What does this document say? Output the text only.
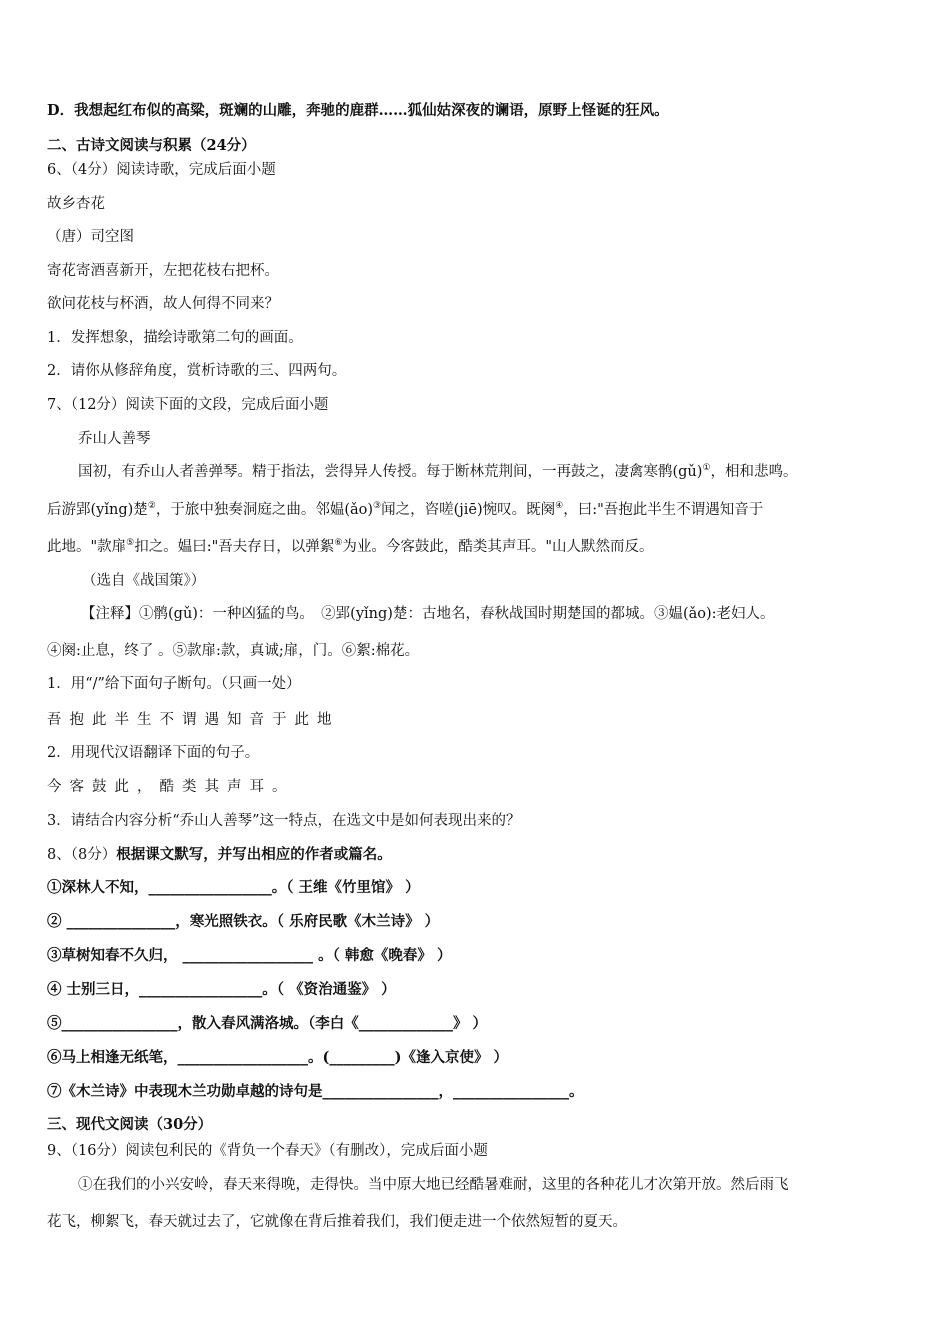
D．我想起红布似的高粱，斑斓的山雕，奔驰的鹿群……狐仙姑深夜的谰语，原野上怪诞的狂风。
二、古诗文阅读与积累（24分）
6、（4分）阅读诗歌，完成后面小题
故乡杏花
（唐）司空图
寄花寄酒喜新开，左把花枝右把杯。
欲问花枝与杯酒，故人何得不同来？
1．发挥想象，描绘诗歌第二句的画面。
2．请你从修辞角度，赏析诗歌的三、四两句。
7、（12分）阅读下面的文段，完成后面小题
乔山人善琴
国初，有乔山人者善弹琴。精于指法，尝得异人传授。每于断林荒荆间，一再鼓之，凄禽寒鹘(gǔ)①，相和悲鸣。
后游郢(yǐng)楚②，于旅中独奏洞庭之曲。邻媪(ǎo)③闻之，咨嗟(jiē)惋叹。既阕④，曰:"吾抱此半生不谓遇知音于
此地。"款扉⑤扣之。媪曰:"吾夫存日，以弹絮⑥为业。今客鼓此，酷类其声耳。"山人默然而反。
（选自《战国策》）
【注释】①鹘(gǔ)：一种凶猛的鸟。　②郢(yǐng)楚：古地名，春秋战国时期楚国的都城。③媪(ǎo):老妇人。
④阕:止息，终了 。⑤款扉:款，真诚;扉，门。⑥絮:棉花。
1．用“/”给下面句子断句。（只画一处）
吾抱此半生不谓遇知音于此地
2．用现代汉语翻译下面的句子。
今客鼓此，酷类其声耳。
3．请结合内容分析“乔山人善琴”这一特点，在选文中是如何表现出来的？
8、（8分）根据课文默写，并写出相应的作者或篇名。
①深林人不知，_________________。（ 王维《竹里馆》 ）
② _______________，寒光照铁衣。（ 乐府民歌《木兰诗》 ）
③草树知春不久归， __________________ 。（ 韩愈《晚春》 ）
④ 士别三日，_________________。（ 《资治通鉴》 ）
⑤________________，散入春风满洛城。（李白《_____________》 ）
⑥马上相逢无纸笔，__________________。(_________)《逢入京使》 ）
⑦《木兰诗》中表现木兰功勋卓越的诗句是________________，________________。
三、现代文阅读（30分）
9、（16分）阅读包利民的《背负一个春天》（有删改），完成后面小题
①在我们的小兴安岭，春天来得晚，走得快。当中原大地已经酷暑难耐，这里的各种花儿才次第开放。然后雨飞
花飞，柳絮飞，春天就过去了，它就像在背后推着我们，我们便走进一个依然短暂的夏天。
